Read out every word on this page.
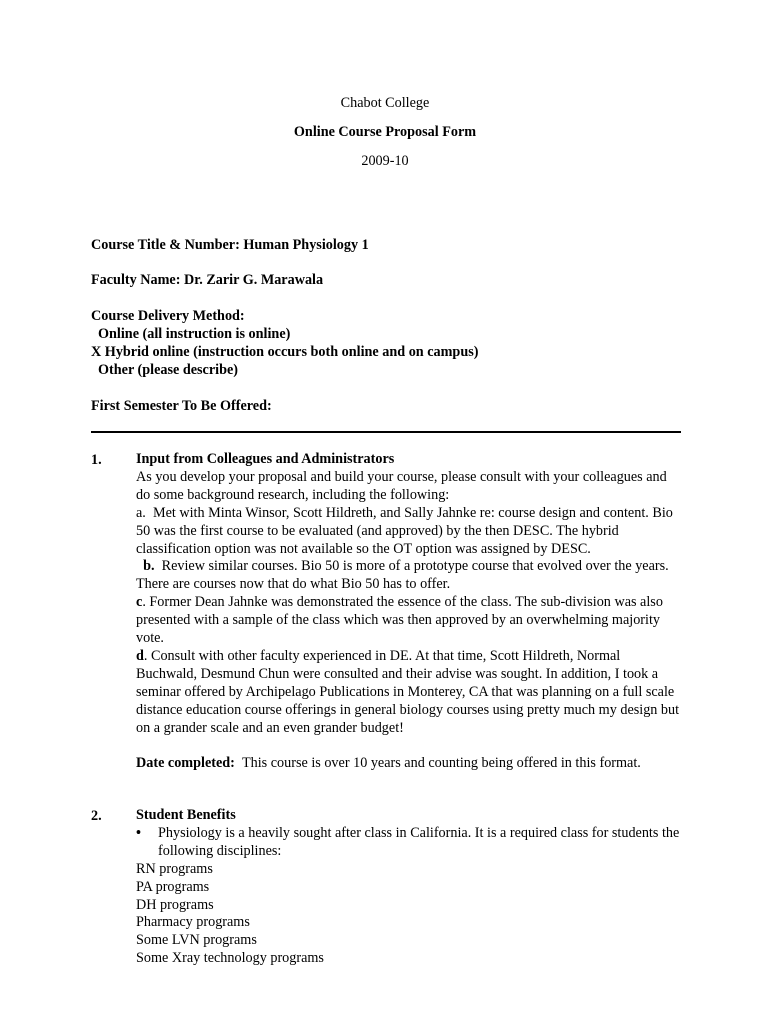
Chabot College
Online Course Proposal Form
2009-10
Course Title & Number: Human Physiology 1
Faculty Name: Dr. Zarir G. Marawala
Course Delivery Method:
Online (all instruction is online)
X Hybrid online (instruction occurs both online and on campus)
Other (please describe)
First Semester To Be Offered:
1. Input from Colleagues and Administrators

As you develop your proposal and build your course, please consult with your colleagues and do some background research, including the following:

a. Met with Minta Winsor, Scott Hildreth, and Sally Jahnke re: course design and content. Bio 50 was the first course to be evaluated (and approved) by the then DESC. The hybrid classification option was not available so the OT option was assigned by DESC.

b. Review similar courses. Bio 50 is more of a prototype course that evolved over the years. There are courses now that do what Bio 50 has to offer.

c. Former Dean Jahnke was demonstrated the essence of the class. The sub-division was also presented with a sample of the class which was then approved by an overwhelming majority vote.

d. Consult with other faculty experienced in DE. At that time, Scott Hildreth, Normal Buchwald, Desmund Chun were consulted and their advise was sought. In addition, I took a seminar offered by Archipelago Publications in Monterey, CA that was planning on a full scale distance education course offerings in general biology courses using pretty much my design but on a grander scale and an even grander budget!

Date completed: This course is over 10 years and counting being offered in this format.

2. Student Benefits

• Physiology is a heavily sought after class in California. It is a required class for students the following disciplines:

RN programs

PA programs

DH programs

Pharmacy programs

Some LVN programs

Some Xray technology programs
